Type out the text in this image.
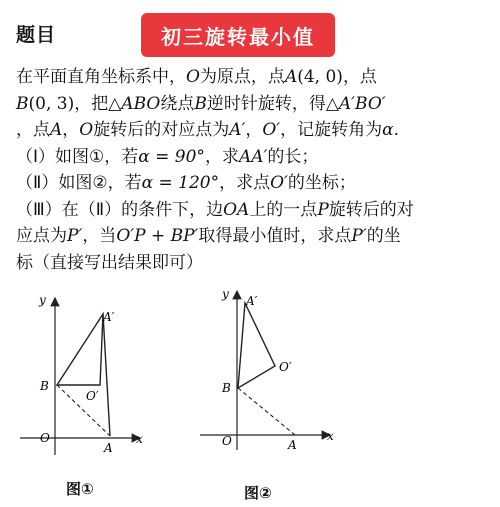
题目	初三旋转最小值

在平面直角坐标系中，O为原点，点A(4, 0)，点

B(0, 3)，把△ABO绕点B逆时针旋转，得△A′BO′

，点A，O旋转后的对应点为A′，O′，记旋转角为α.

（Ⅰ）如图①，若α = 90°，求AA′的长；

（Ⅱ）如图②，若α = 120°，求点O′的坐标；

（Ⅲ）在（Ⅱ）的条件下，边OA上的一点P旋转后的对

应点为P′，当O′P + BP′取得最小值时，求点P′的坐

标（直接写出结果即可）

y
x
O
A
B
A′
O′
图①
y
x
O	A
B
A′
O′
图②
